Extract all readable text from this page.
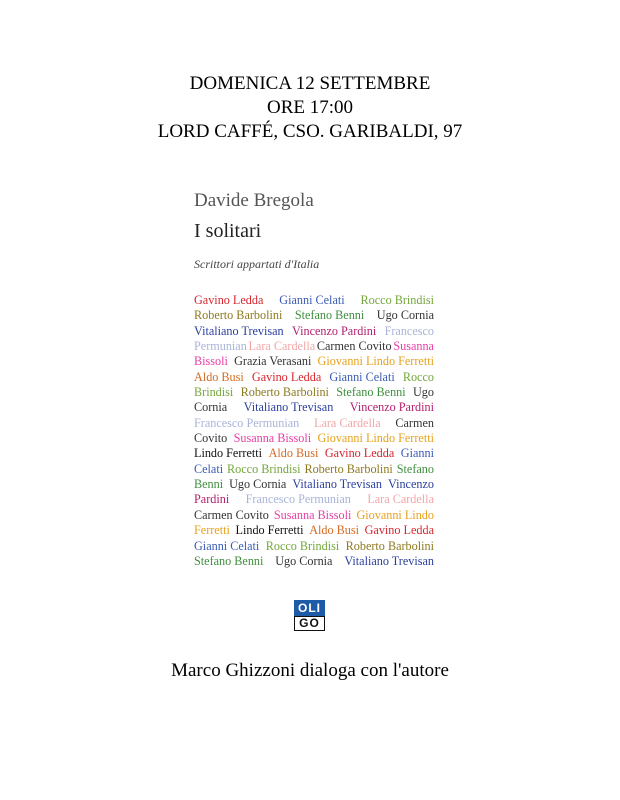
DOMENICA 12 SETTEMBRE
ORE 17:00
LORD CAFFÉ, CSO. GARIBALDI, 97
Davide Bregola
I solitari
Scrittori appartati d'Italia
Gavino Ledda Gianni Celati Rocco Brindisi
Roberto Barbolini Stefano Benni Ugo Cornia
Vitaliano Trevisan Vincenzo Pardini Francesco
Permunian Lara Cardella Carmen Covito Susanna
Bissoli Grazia Verasani Giovanni Lindo Ferretti
Aldo Busi Gavino Ledda Gianni Celati Rocco
Brindisi Roberto Barbolini Stefano Benni Ugo
Cornia Vitaliano Trevisan Vincenzo Pardini
Francesco Permunian Lara Cardella Carmen
Covito Susanna Bissoli Giovanni Lindo Ferretti
Lindo Ferretti Aldo Busi Gavino Ledda Gianni
Celati Rocco Brindisi Roberto Barbolini Stefano
Benni Ugo Cornia Vitaliano Trevisan Vincenzo
Pardini Francesco Permunian Lara Cardella
Carmen Covito Susanna Bissoli Giovanni Lindo
Ferretti Lindo Ferretti Aldo Busi Gavino Ledda
Gianni Celati Rocco Brindisi Roberto Barbolini
Stefano Benni Ugo Cornia Vitaliano Trevisan
OLI
GO
Marco Ghizzoni dialoga con l'autore
